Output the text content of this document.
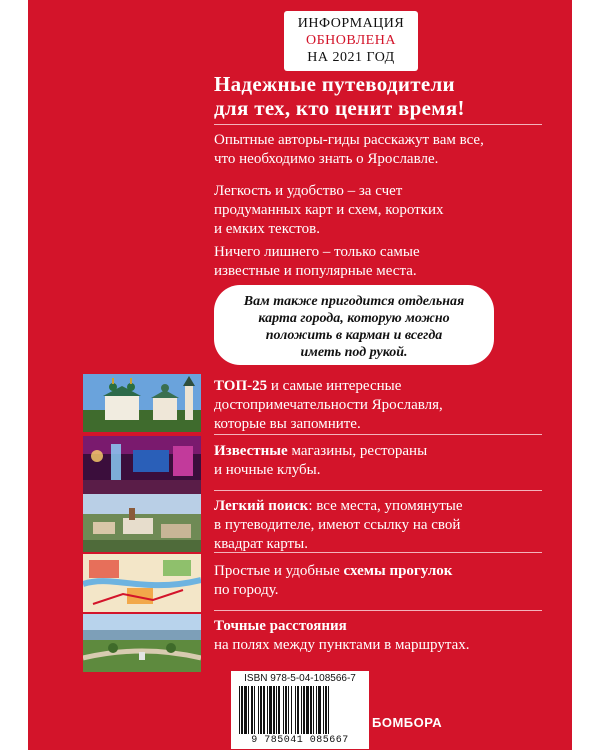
ИНФОРМАЦИЯ
ОБНОВЛЕНА
НА 2021 ГОД
Надежные путеводители
для тех, кто ценит время!
Опытные авторы-гиды расскажут вам все,
что необходимо знать о Ярославле.
Легкость и удобство – за счет
продуманных карт и схем, коротких
и емких текстов.
Ничего лишнего – только самые
известные и популярные места.
Вам также пригодится отдельная
карта города, которую можно
положить в карман и всегда
иметь под рукой.
ТОП-25 и самые интересные
достопримечательности Ярославля,
которые вы запомните.
Известные магазины, рестораны
и ночные клубы.
Легкий поиск: все места, упомянутые
в путеводителе, имеют ссылку на свой
квадрат карты.
Простые и удобные схемы прогулок
по городу.
Точные расстояния
на полях между пунктами в маршрутах.
ISBN 978-5-04-108566-7
9 785041 085667
БОМБОРА
